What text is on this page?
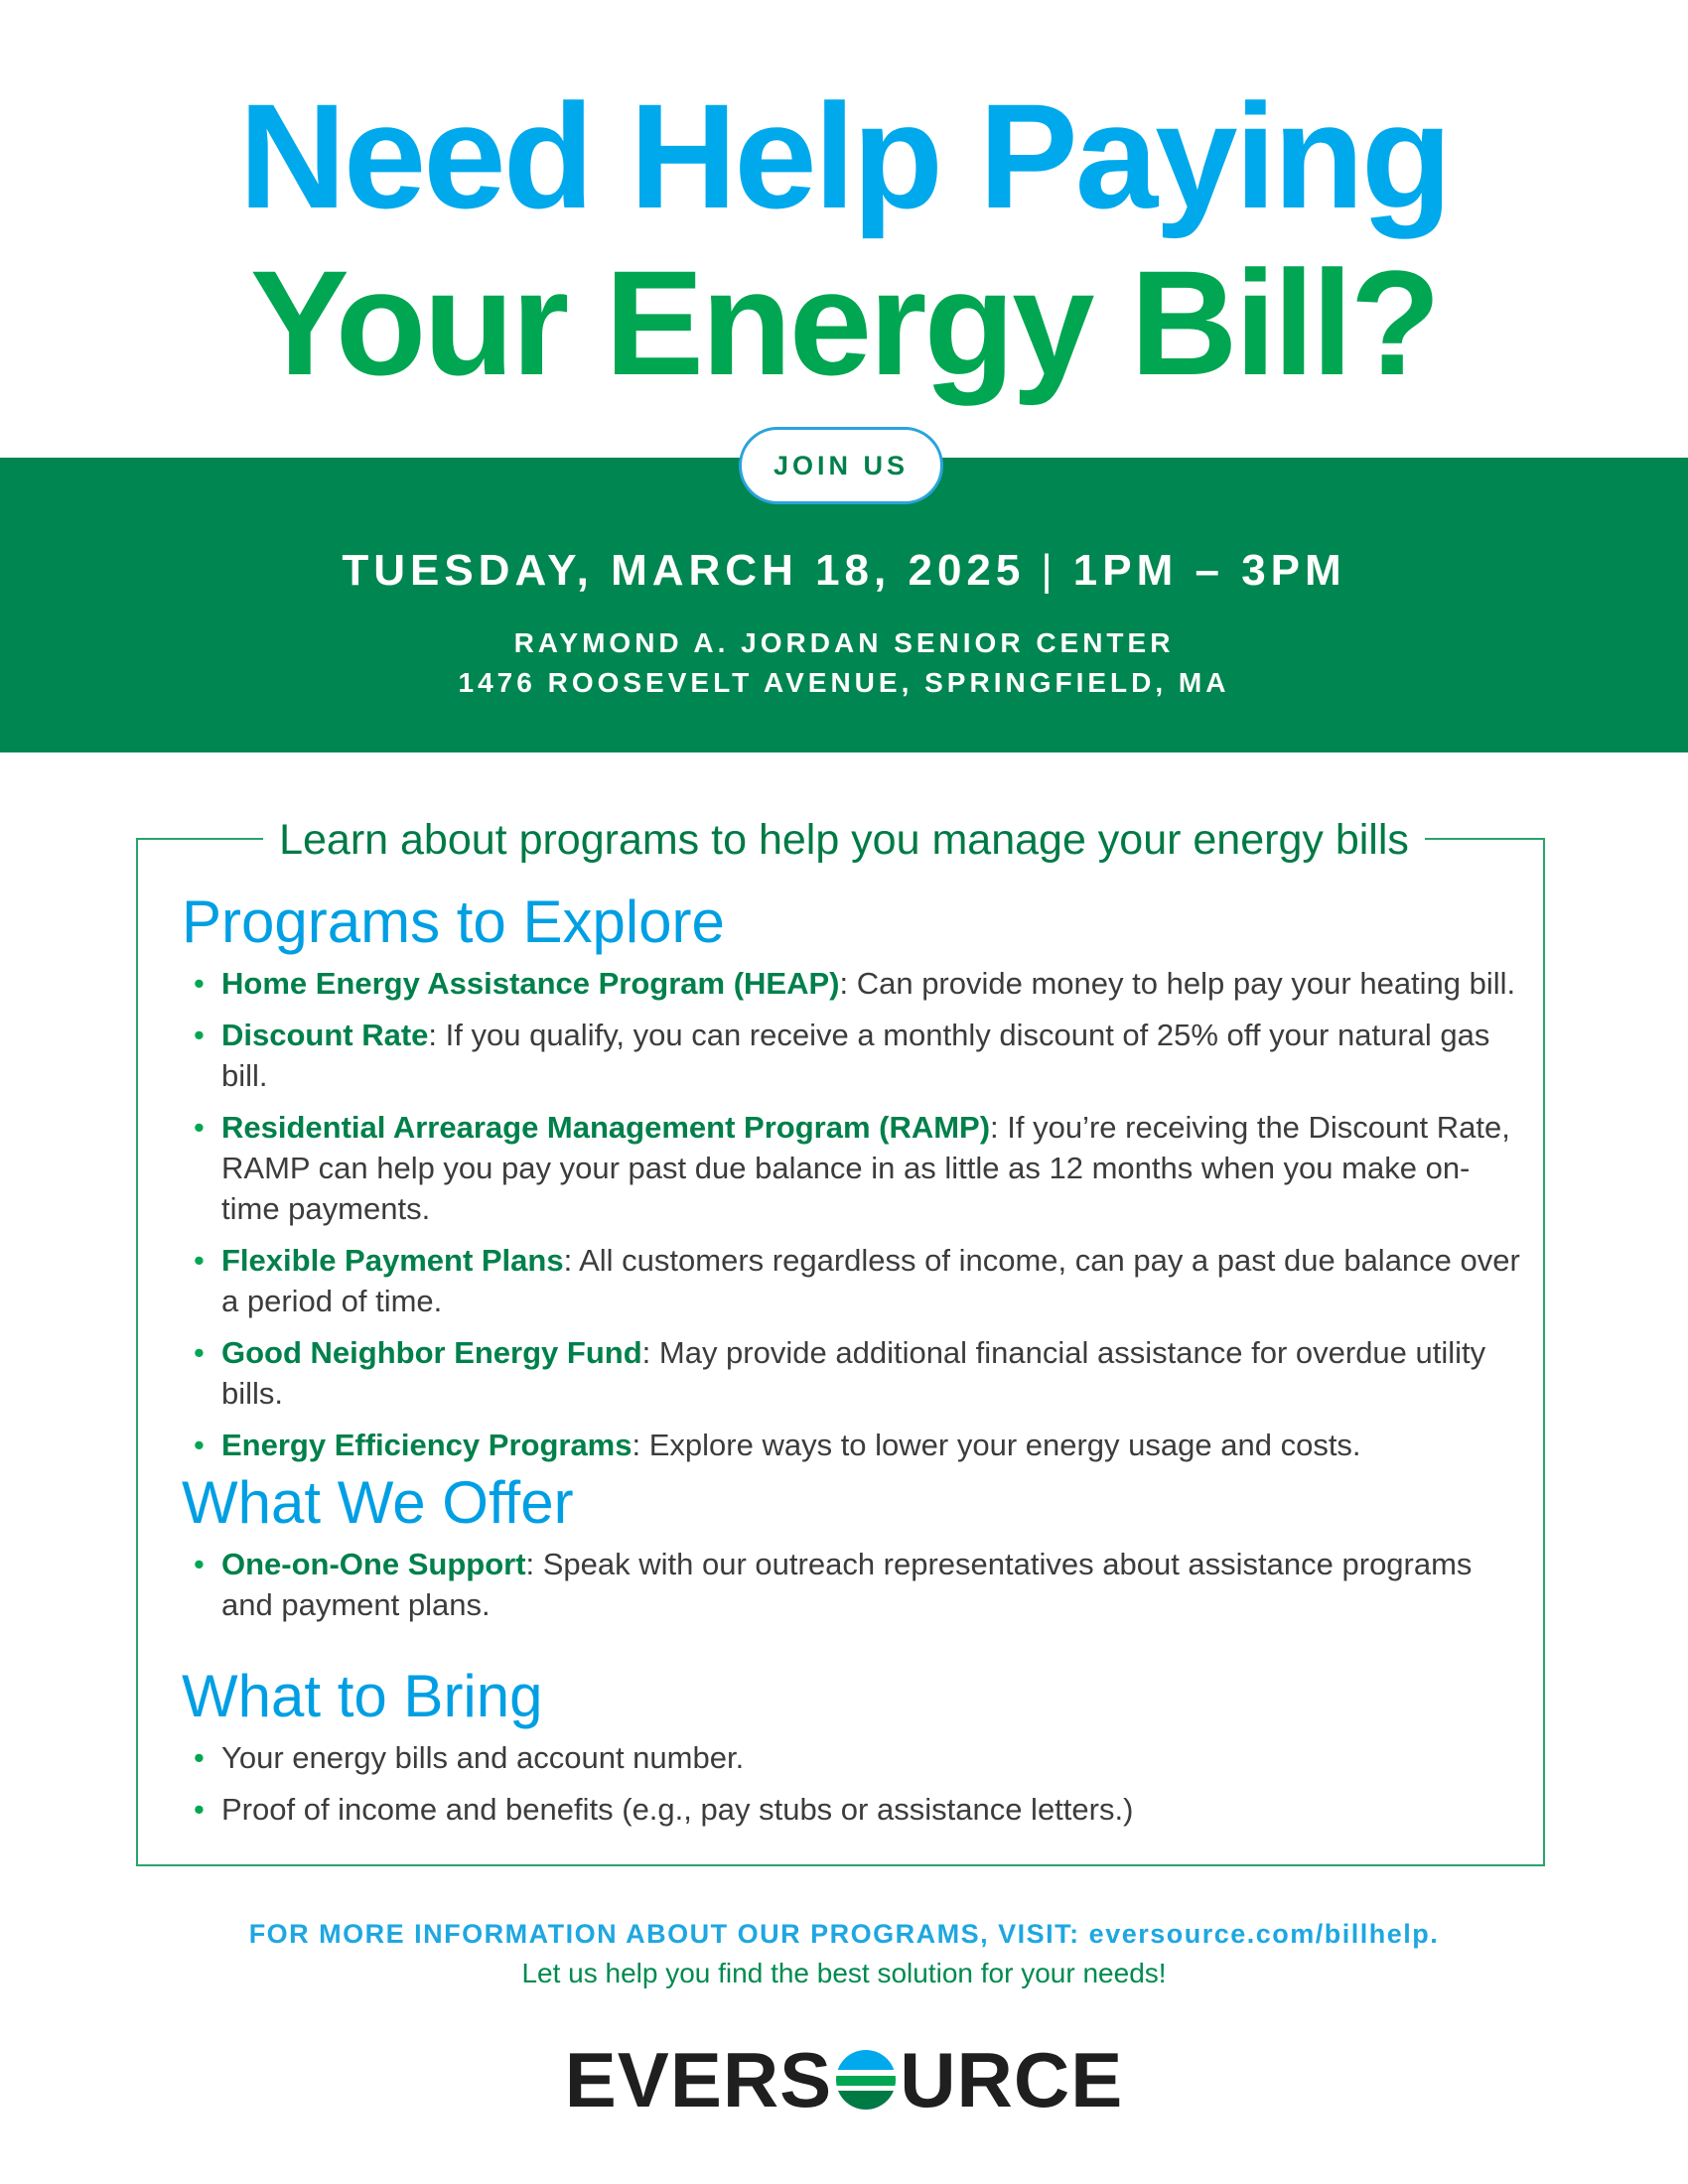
Need Help Paying
Your Energy Bill?
JOIN US
TUESDAY, MARCH 18, 2025 | 1PM – 3PM
RAYMOND A. JORDAN SENIOR CENTER
1476 ROOSEVELT AVENUE, SPRINGFIELD, MA
Learn about programs to help you manage your energy bills
Programs to Explore
• Home Energy Assistance Program (HEAP): Can provide money to help pay your heating bill.
• Discount Rate: If you qualify, you can receive a monthly discount of 25% off your natural gas bill.
• Residential Arrearage Management Program (RAMP): If you’re receiving the Discount Rate, RAMP can help you pay your past due balance in as little as 12 months when you make on-time payments.
• Flexible Payment Plans: All customers regardless of income, can pay a past due balance over a period of time.
• Good Neighbor Energy Fund: May provide additional financial assistance for overdue utility bills.
• Energy Efficiency Programs: Explore ways to lower your energy usage and costs.
What We Offer
• One-on-One Support: Speak with our outreach representatives about assistance programs and payment plans.
What to Bring
• Your energy bills and account number.
• Proof of income and benefits (e.g., pay stubs or assistance letters.)
FOR MORE INFORMATION ABOUT OUR PROGRAMS, VISIT: eversource.com/billhelp.
Let us help you find the best solution for your needs!
EVERS URCE
